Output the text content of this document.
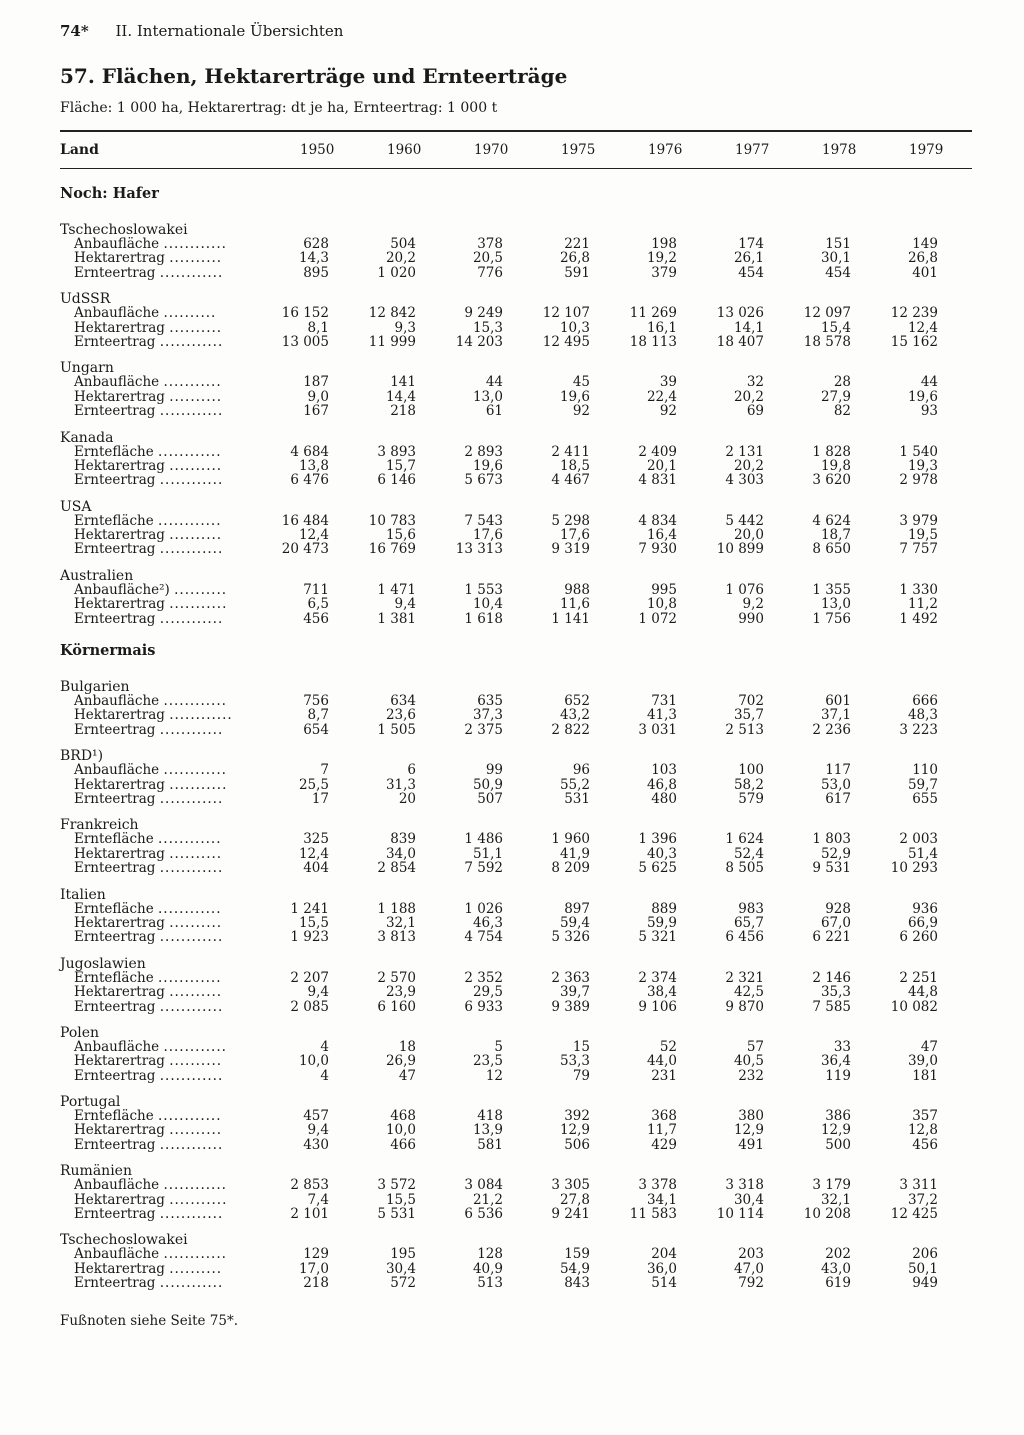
74* II. Internationale Übersichten
57. Flächen, Hektarerträge und Ernteerträge
Fläche: 1 000 ha, Hektarertrag: dt je ha, Ernteertrag: 1 000 t
Land	1950	1960	1970	1975	1976	1977	1978	1979
Noch: Hafer
Tschechoslowakei
Anbaufläche ............	628	504	378	221	198	174	151	149
Hektarertrag ..........	14,3	20,2	20,5	26,8	19,2	26,1	30,1	26,8
Ernteertrag ............	895	1 020	776	591	379	454	454	401
UdSSR
Anbaufläche ..........	16 152	12 842	9 249	12 107	11 269	13 026	12 097	12 239
Hektarertrag ..........	8,1	9,3	15,3	10,3	16,1	14,1	15,4	12,4
Ernteertrag ............	13 005	11 999	14 203	12 495	18 113	18 407	18 578	15 162
Ungarn
Anbaufläche ...........	187	141	44	45	39	32	28	44
Hektarertrag ..........	9,0	14,4	13,0	19,6	22,4	20,2	27,9	19,6
Ernteertrag ............	167	218	61	92	92	69	82	93
Kanada
Erntefläche ............	4 684	3 893	2 893	2 411	2 409	2 131	1 828	1 540
Hektarertrag ..........	13,8	15,7	19,6	18,5	20,1	20,2	19,8	19,3
Ernteertrag ............	6 476	6 146	5 673	4 467	4 831	4 303	3 620	2 978
USA
Erntefläche ............	16 484	10 783	7 543	5 298	4 834	5 442	4 624	3 979
Hektarertrag ..........	12,4	15,6	17,6	17,6	16,4	20,0	18,7	19,5
Ernteertrag ............	20 473	16 769	13 313	9 319	7 930	10 899	8 650	7 757
Australien
Anbaufläche²) ..........	711	1 471	1 553	988	995	1 076	1 355	1 330
Hektarertrag ...........	6,5	9,4	10,4	11,6	10,8	9,2	13,0	11,2
Ernteertrag ............	456	1 381	1 618	1 141	1 072	990	1 756	1 492
Körnermais
Bulgarien
Anbaufläche ............	756	634	635	652	731	702	601	666
Hektarertrag ............	8,7	23,6	37,3	43,2	41,3	35,7	37,1	48,3
Ernteertrag ............	654	1 505	2 375	2 822	3 031	2 513	2 236	3 223
BRD¹)
Anbaufläche ............	7	6	99	96	103	100	117	110
Hektarertrag ...........	25,5	31,3	50,9	55,2	46,8	58,2	53,0	59,7
Ernteertrag ............	17	20	507	531	480	579	617	655
Frankreich
Erntefläche ............	325	839	1 486	1 960	1 396	1 624	1 803	2 003
Hektarertrag ..........	12,4	34,0	51,1	41,9	40,3	52,4	52,9	51,4
Ernteertrag ............	404	2 854	7 592	8 209	5 625	8 505	9 531	10 293
Italien
Erntefläche ............	1 241	1 188	1 026	897	889	983	928	936
Hektarertrag ..........	15,5	32,1	46,3	59,4	59,9	65,7	67,0	66,9
Ernteertrag ............	1 923	3 813	4 754	5 326	5 321	6 456	6 221	6 260
Jugoslawien
Erntefläche ............	2 207	2 570	2 352	2 363	2 374	2 321	2 146	2 251
Hektarertrag ..........	9,4	23,9	29,5	39,7	38,4	42,5	35,3	44,8
Ernteertrag ............	2 085	6 160	6 933	9 389	9 106	9 870	7 585	10 082
Polen
Anbaufläche ............	4	18	5	15	52	57	33	47
Hektarertrag ..........	10,0	26,9	23,5	53,3	44,0	40,5	36,4	39,0
Ernteertrag ............	4	47	12	79	231	232	119	181
Portugal
Erntefläche ............	457	468	418	392	368	380	386	357
Hektarertrag ..........	9,4	10,0	13,9	12,9	11,7	12,9	12,9	12,8
Ernteertrag ............	430	466	581	506	429	491	500	456
Rumänien
Anbaufläche ............	2 853	3 572	3 084	3 305	3 378	3 318	3 179	3 311
Hektarertrag ...........	7,4	15,5	21,2	27,8	34,1	30,4	32,1	37,2
Ernteertrag ............	2 101	5 531	6 536	9 241	11 583	10 114	10 208	12 425
Tschechoslowakei
Anbaufläche ............	129	195	128	159	204	203	202	206
Hektarertrag ..........	17,0	30,4	40,9	54,9	36,0	47,0	43,0	50,1
Ernteertrag ............	218	572	513	843	514	792	619	949
Fußnoten siehe Seite 75*.
